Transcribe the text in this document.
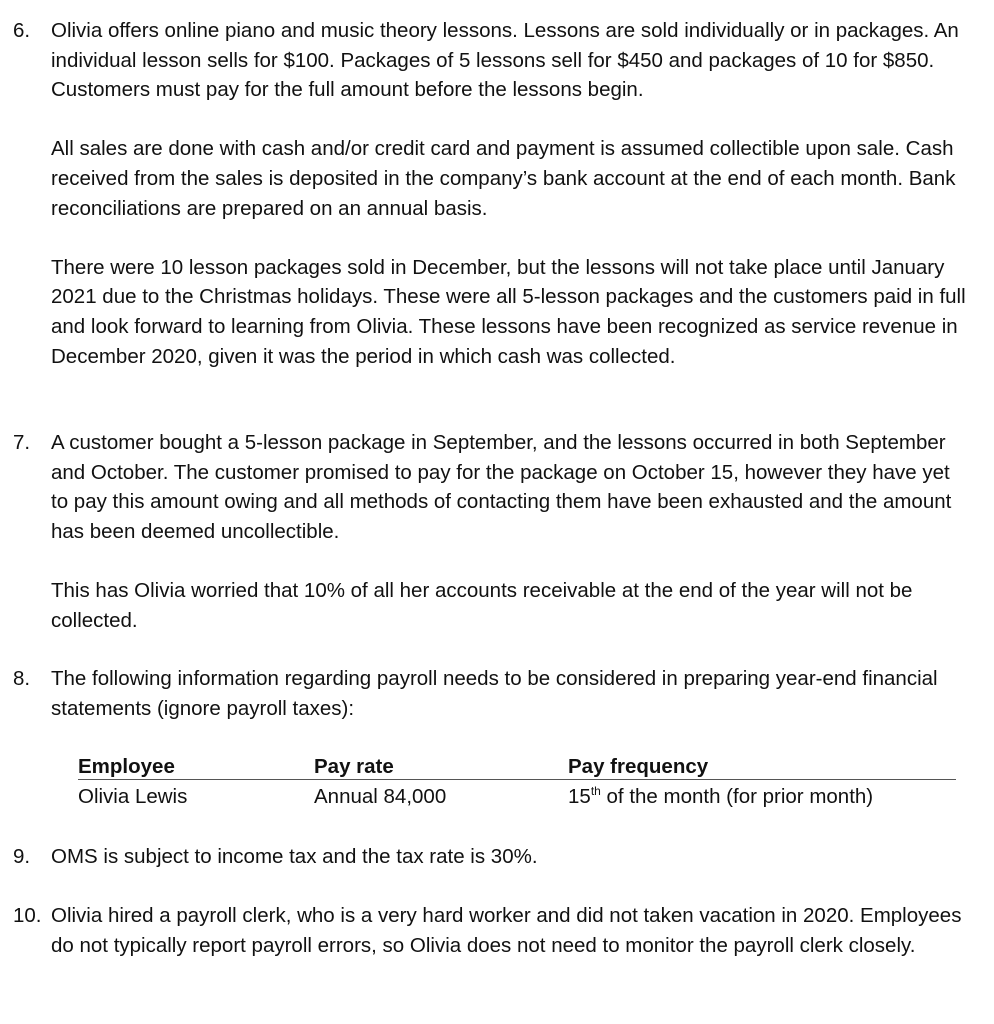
6.	Olivia offers online piano and music theory lessons. Lessons are sold individually or in packages. An individual lesson sells for $100. Packages of 5 lessons sell for $450 and packages of 10 for $850. Customers must pay for the full amount before the lessons begin.

All sales are done with cash and/or credit card and payment is assumed collectible upon sale. Cash received from the sales is deposited in the company’s bank account at the end of each month. Bank reconciliations are prepared on an annual basis.

There were 10 lesson packages sold in December, but the lessons will not take place until January 2021 due to the Christmas holidays. These were all 5-lesson packages and the customers paid in full and look forward to learning from Olivia. These lessons have been recognized as service revenue in December 2020, given it was the period in which cash was collected.

7.	A customer bought a 5-lesson package in September, and the lessons occurred in both September and October. The customer promised to pay for the package on October 15, however they have yet to pay this amount owing and all methods of contacting them have been exhausted and the amount has been deemed uncollectible.

This has Olivia worried that 10% of all her accounts receivable at the end of the year will not be collected.

8.	The following information regarding payroll needs to be considered in preparing year-end financial statements (ignore payroll taxes):

Employee	Pay rate	Pay frequency
Olivia Lewis	Annual 84,000	15th of the month (for prior month)
9.	OMS is subject to income tax and the tax rate is 30%.

10. Olivia hired a payroll clerk, who is a very hard worker and did not taken vacation in 2020. Employees do not typically report payroll errors, so Olivia does not need to monitor the payroll clerk closely.
